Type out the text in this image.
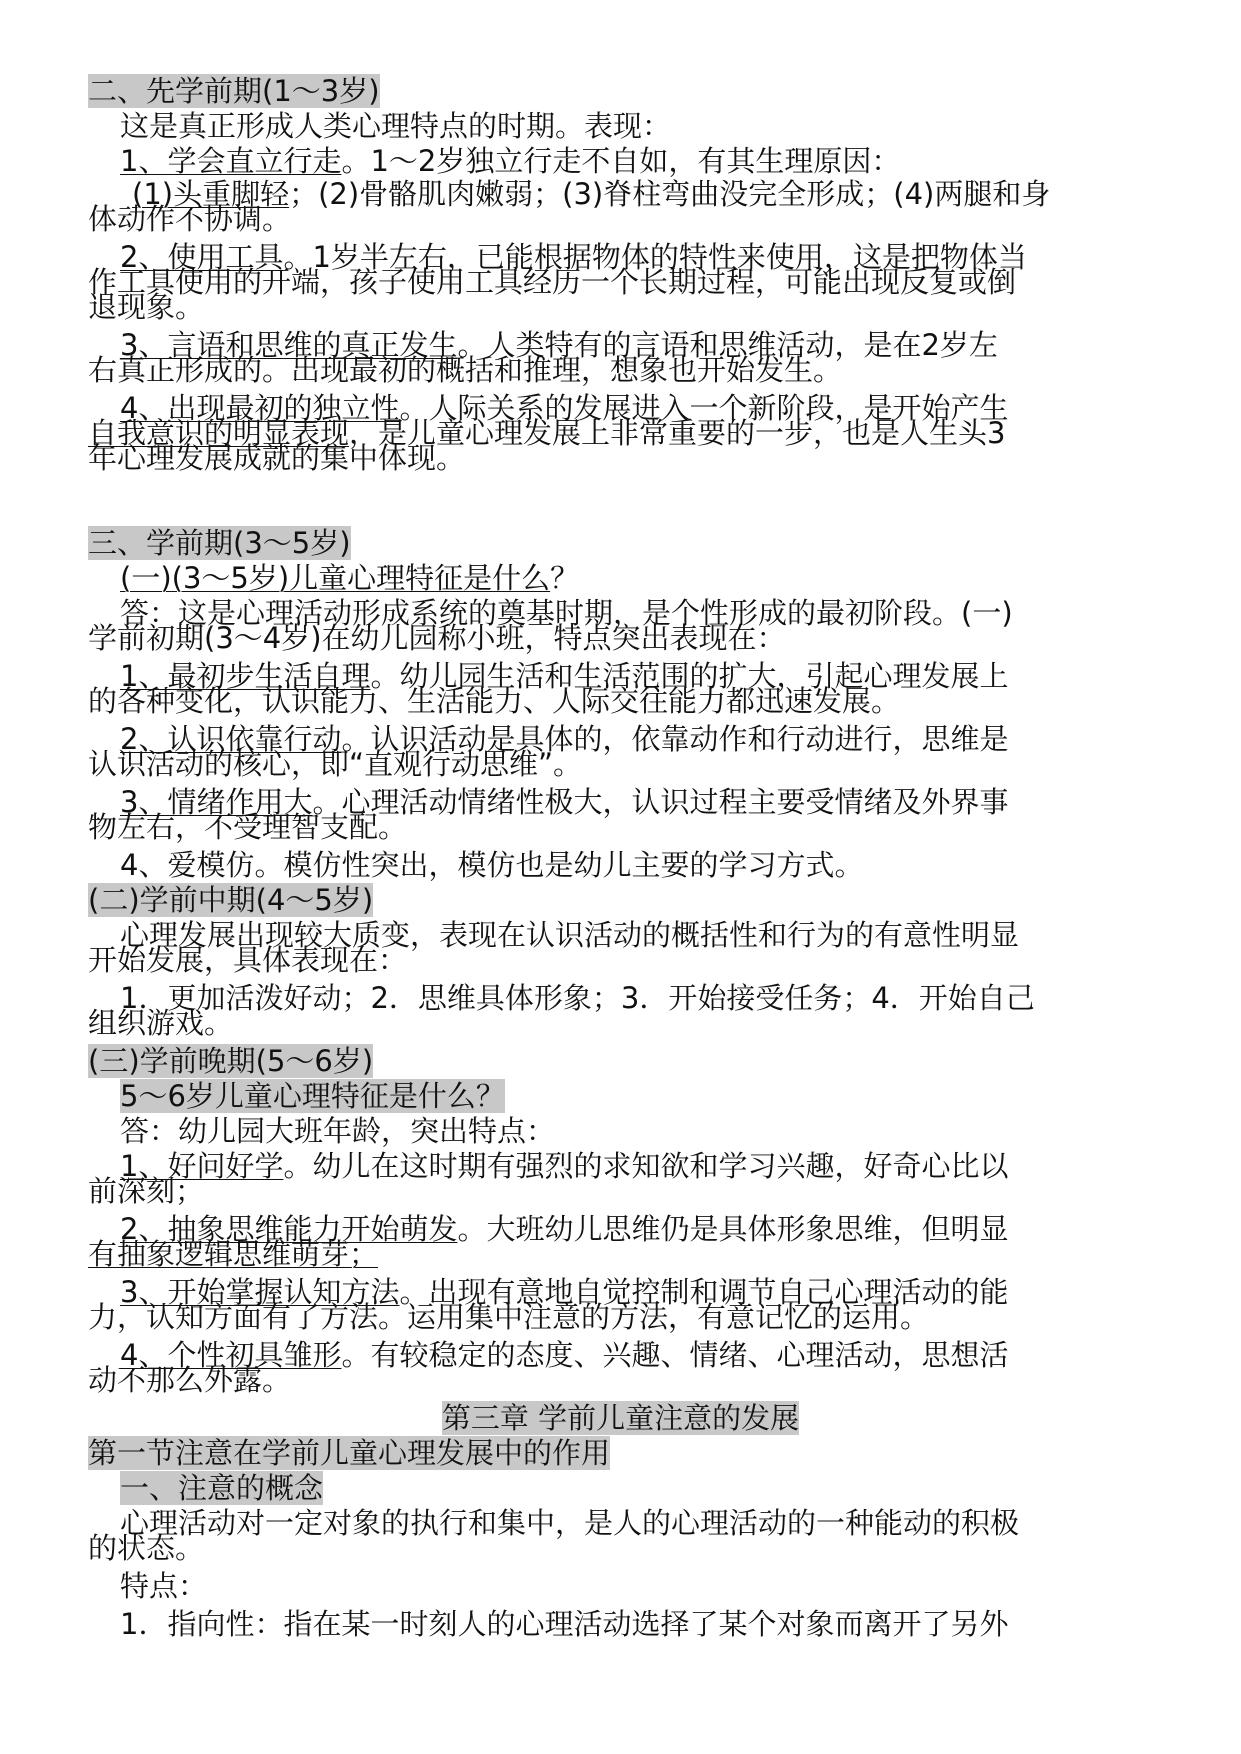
二、先学前期(1～3岁)
这是真正形成人类心理特点的时期。表现：
1、学会直立行走。1～2岁独立行走不自如，有其生理原因：
(1)头重脚轻；(2)骨骼肌肉嫩弱；(3)脊柱弯曲没完全形成；(4)两腿和身
体动作不协调。
2、使用工具。1岁半左右，已能根据物体的特性来使用，这是把物体当
作工具使用的开端，孩子使用工具经历一个长期过程，可能出现反复或倒
退现象。
3、言语和思维的真正发生。人类特有的言语和思维活动，是在2岁左
右真正形成的。出现最初的概括和推理，想象也开始发生。
4、出现最初的独立性。人际关系的发展进入一个新阶段，是开始产生
自我意识的明显表现，是儿童心理发展上非常重要的一步，也是人生头3
年心理发展成就的集中体现。
三、学前期(3～5岁)
(一)(3～5岁)儿童心理特征是什么？
答：这是心理活动形成系统的奠基时期，是个性形成的最初阶段。(一)
学前初期(3～4岁)在幼儿园称小班，特点突出表现在：
1、最初步生活自理。幼儿园生活和生活范围的扩大，引起心理发展上
的各种变化，认识能力、生活能力、人际交往能力都迅速发展。
2、认识依靠行动。认识活动是具体的，依靠动作和行动进行，思维是
认识活动的核心，即“直观行动思维”。
3、情绪作用大。心理活动情绪性极大，认识过程主要受情绪及外界事
物左右，不受理智支配。
4、爱模仿。模仿性突出，模仿也是幼儿主要的学习方式。
(二)学前中期(4～5岁)
心理发展出现较大质变，表现在认识活动的概括性和行为的有意性明显
开始发展，具体表现在：
1．更加活泼好动；2．思维具体形象；3．开始接受任务；4．开始自己
组织游戏。
(三)学前晚期(5～6岁)
5～6岁儿童心理特征是什么？
答：幼儿园大班年龄，突出特点：
1、好问好学。幼儿在这时期有强烈的求知欲和学习兴趣，好奇心比以
前深刻；
2、抽象思维能力开始萌发。大班幼儿思维仍是具体形象思维，但明显
有抽象逻辑思维萌芽；
3、开始掌握认知方法。出现有意地自觉控制和调节自己心理活动的能
力，认知方面有了方法。运用集中注意的方法，有意记忆的运用。
4、个性初具雏形。有较稳定的态度、兴趣、情绪、心理活动，思想活
动不那么外露。
第三章 学前儿童注意的发展
第一节注意在学前儿童心理发展中的作用
一、注意的概念
心理活动对一定对象的执行和集中，是人的心理活动的一种能动的积极
的状态。
特点：
1．指向性：指在某一时刻人的心理活动选择了某个对象而离开了另外
